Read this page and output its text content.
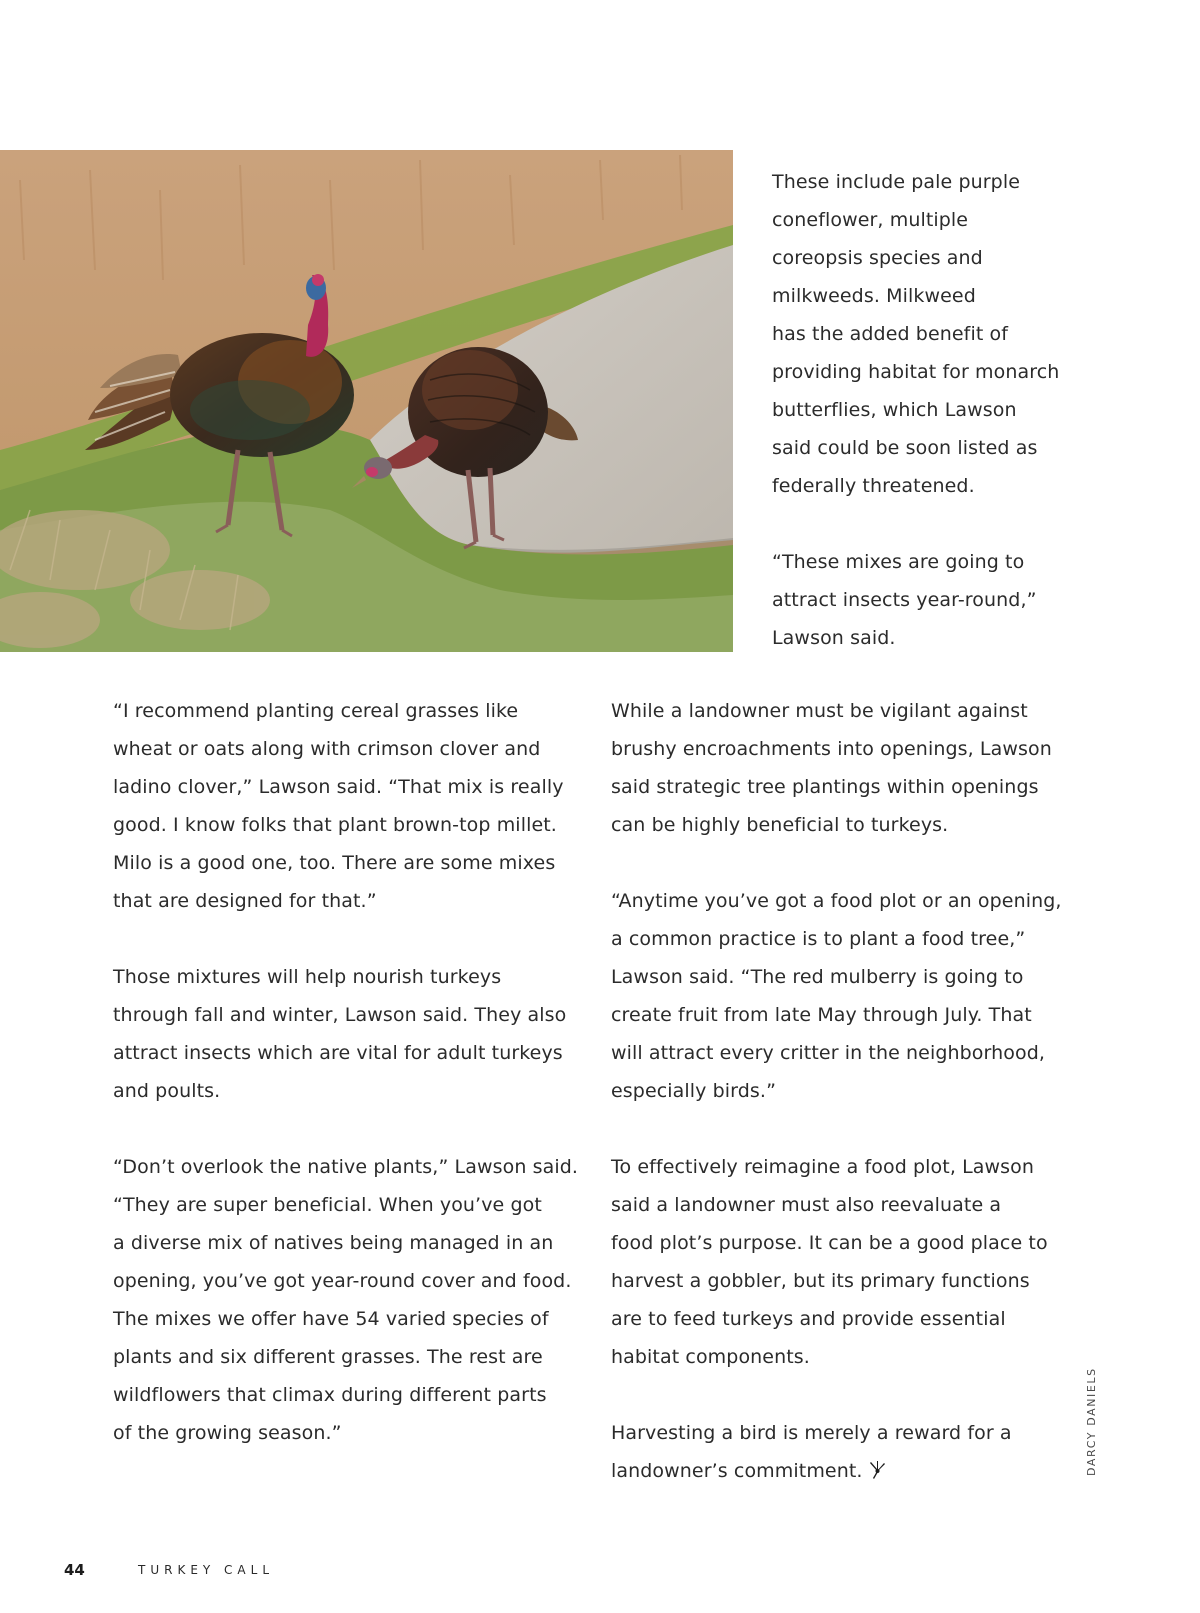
These include pale purple
coneflower, multiple
coreopsis species and
milkweeds. Milkweed
has the added benefit of
providing habitat for monarch
butterflies, which Lawson
said could be soon listed as
federally threatened.

“These mixes are going to
attract insects year-round,”
Lawson said.

“I recommend planting cereal grasses like
wheat or oats along with crimson clover and
ladino clover,” Lawson said. “That mix is really
good. I know folks that plant brown-top millet.
Milo is a good one, too. There are some mixes
that are designed for that.”

Those mixtures will help nourish turkeys
through fall and winter, Lawson said. They also
attract insects which are vital for adult turkeys
and poults.

“Don’t overlook the native plants,” Lawson said.
“They are super beneficial. When you’ve got
a diverse mix of natives being managed in an
opening, you’ve got year-round cover and food.
The mixes we offer have 54 varied species of
plants and six different grasses. The rest are
wildflowers that climax during different parts
of the growing season.”

While a landowner must be vigilant against
brushy encroachments into openings, Lawson
said strategic tree plantings within openings
can be highly beneficial to turkeys.

“Anytime you’ve got a food plot or an opening,
a common practice is to plant a food tree,”
Lawson said. “The red mulberry is going to
create fruit from late May through July. That
will attract every critter in the neighborhood,
especially birds.”

To effectively reimagine a food plot, Lawson
said a landowner must also reevaluate a
food plot’s purpose. It can be a good place to
harvest a gobbler, but its primary functions
are to feed turkeys and provide essential
habitat components.

Harvesting a bird is merely a reward for a
landowner’s commitment.	DARCY DANIELS
44	TURKEY CALL
